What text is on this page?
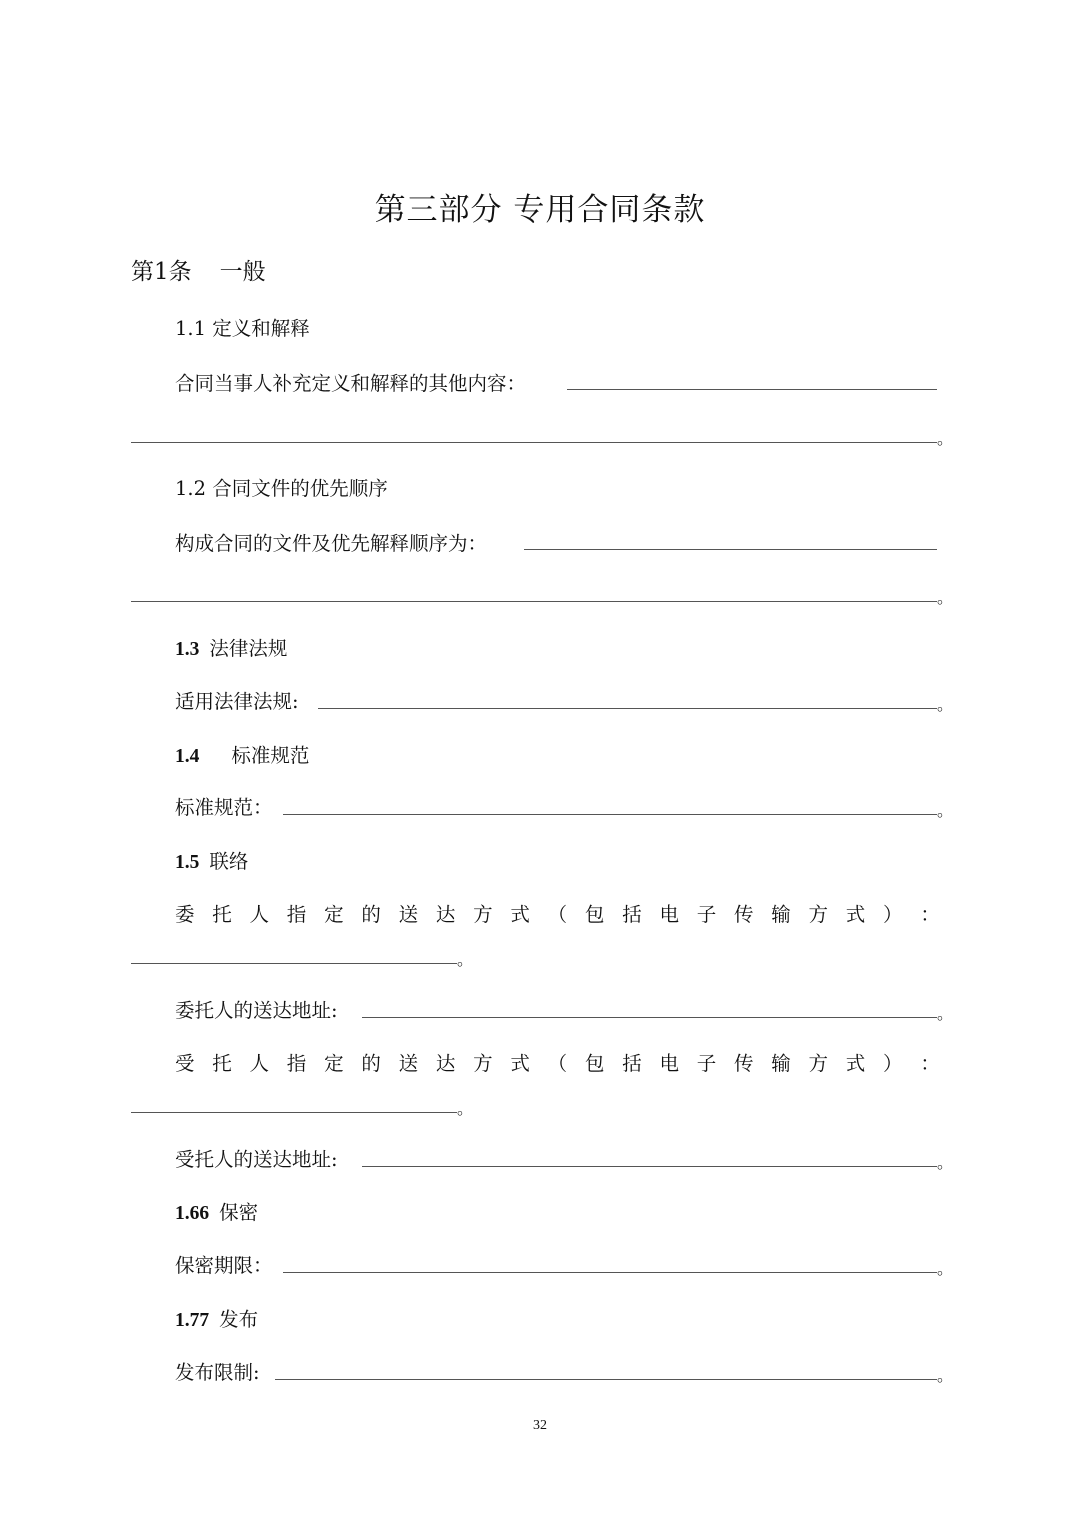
第三部分 专用合同条款
第1条 一般
1.1 定义和解释
合同当事人补充定义和解释的其他内容：
。
1.2 合同文件的优先顺序
构成合同的文件及优先解释顺序为：
。
1.3 法律法规
适用法律法规:	。
1.4 标准规范
标准规范：	。
1.5 联络
委 托 人 指 定 的 送 达 方 式 （ 包 括 电 子 传 输 方 式 ） ：
。
委托人的送达地址:	。
受 托 人 指 定 的 送 达 方 式 （ 包 括 电 子 传 输 方 式 ） ：
。
受托人的送达地址:	。
1.66 保密
保密期限：	。
1.77 发布
发布限制:	。
32
